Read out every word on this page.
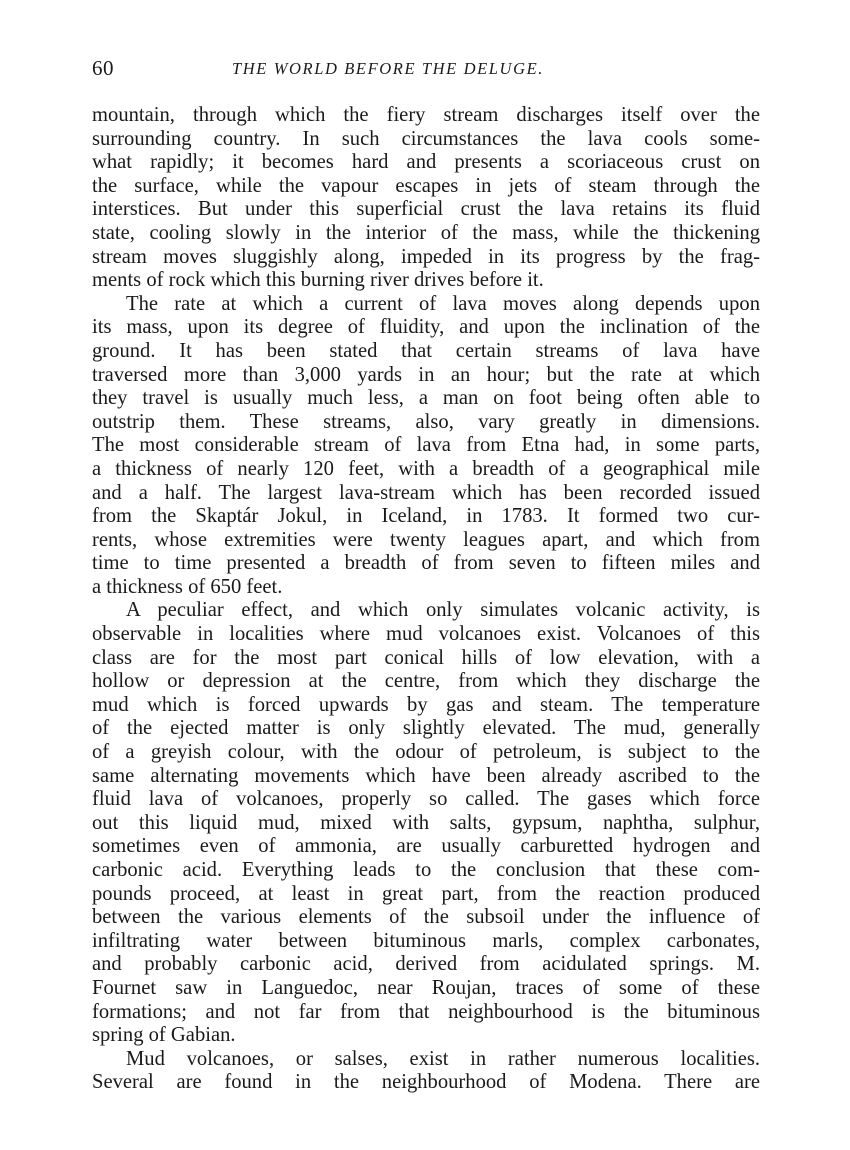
60	THE WORLD BEFORE THE DELUGE.
mountain, through which the fiery stream discharges itself over the
surrounding country. In such circumstances the lava cools some-
what rapidly; it becomes hard and presents a scoriaceous crust on
the surface, while the vapour escapes in jets of steam through the
interstices. But under this superficial crust the lava retains its fluid
state, cooling slowly in the interior of the mass, while the thickening
stream moves sluggishly along, impeded in its progress by the frag-
ments of rock which this burning river drives before it.
The rate at which a current of lava moves along depends upon
its mass, upon its degree of fluidity, and upon the inclination of the
ground. It has been stated that certain streams of lava have
traversed more than 3,000 yards in an hour; but the rate at which
they travel is usually much less, a man on foot being often able to
outstrip them. These streams, also, vary greatly in dimensions.
The most considerable stream of lava from Etna had, in some parts,
a thickness of nearly 120 feet, with a breadth of a geographical mile
and a half. The largest lava-stream which has been recorded issued
from the Skaptár Jokul, in Iceland, in 1783. It formed two cur-
rents, whose extremities were twenty leagues apart, and which from
time to time presented a breadth of from seven to fifteen miles and
a thickness of 650 feet.
A peculiar effect, and which only simulates volcanic activity, is
observable in localities where mud volcanoes exist. Volcanoes of this
class are for the most part conical hills of low elevation, with a
hollow or depression at the centre, from which they discharge the
mud which is forced upwards by gas and steam. The temperature
of the ejected matter is only slightly elevated. The mud, generally
of a greyish colour, with the odour of petroleum, is subject to the
same alternating movements which have been already ascribed to the
fluid lava of volcanoes, properly so called. The gases which force
out this liquid mud, mixed with salts, gypsum, naphtha, sulphur,
sometimes even of ammonia, are usually carburetted hydrogen and
carbonic acid. Everything leads to the conclusion that these com-
pounds proceed, at least in great part, from the reaction produced
between the various elements of the subsoil under the influence of
infiltrating water between bituminous marls, complex carbonates,
and probably carbonic acid, derived from acidulated springs. M.
Fournet saw in Languedoc, near Roujan, traces of some of these
formations; and not far from that neighbourhood is the bituminous
spring of Gabian.
Mud volcanoes, or salses, exist in rather numerous localities.
Several are found in the neighbourhood of Modena. There are
